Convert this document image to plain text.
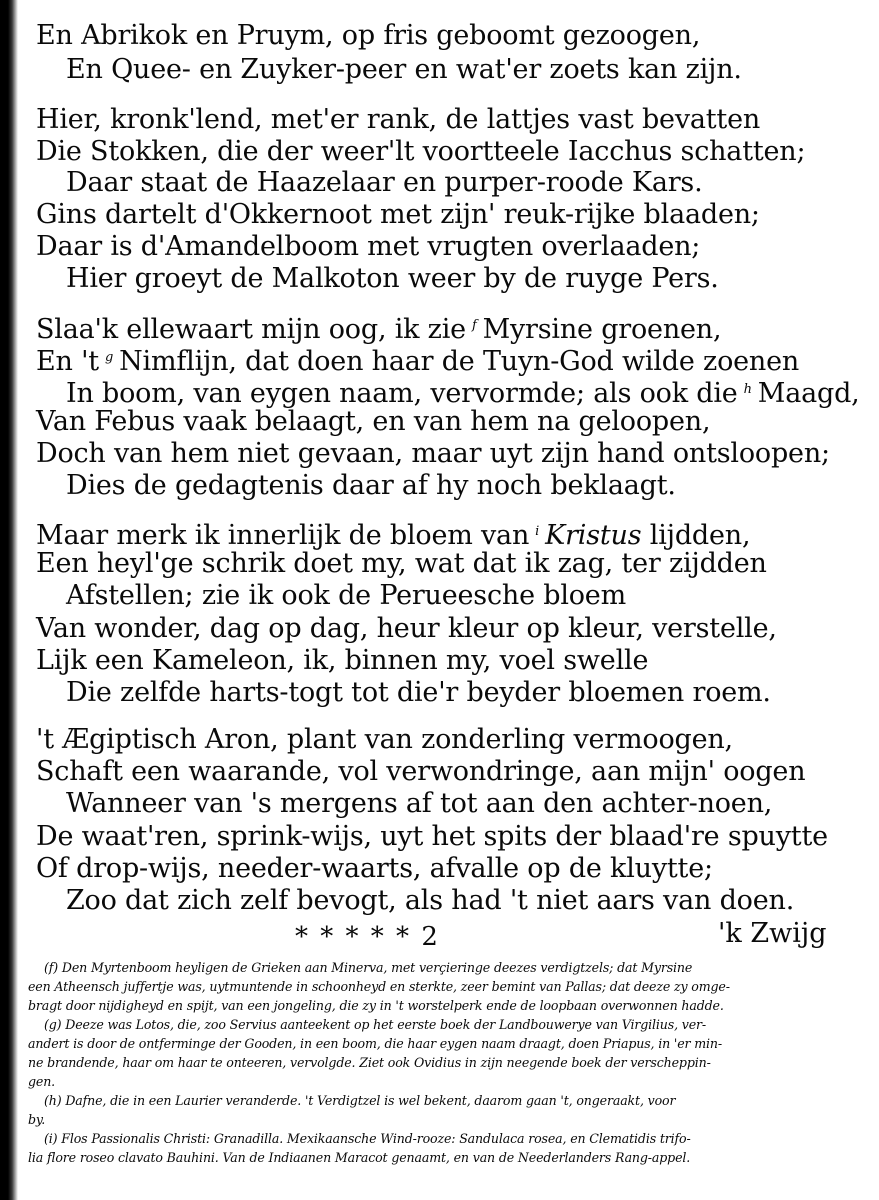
En Abrikok en Pruym, op fris geboomt gezoogen,
En Quee- en Zuyker-peer en wat'er zoets kan zijn.
Hier, kronk'lend, met'er rank, de lattjes vast bevatten
Die Stokken, die der weer'lt voortteele Iacchus schatten;
Daar staat de Haazelaar en purper-roode Kars.
Gins dartelt d'Okkernoot met zijn' reuk-rijke blaaden;
Daar is d'Amandelboom met vrugten overlaaden;
Hier groeyt de Malkoton weer by de ruyge Pers.
Slaa'k ellewaart mijn oog, ik zie $^f$ Myrsine groenen,
En 't $^g$ Nimflijn, dat doen haar de Tuyn-God wilde zoenen
In boom, van eygen naam, vervormde; als ook die $^h$ Maagd,
Van Febus vaak belaagt, en van hem na geloopen,
Doch van hem niet gevaan, maar uyt zijn hand ontsloopen;
Dies de gedagtenis daar af hy noch beklaagt.
Maar merk ik innerlijk de bloem van $^i$ Kristus lijdden,
Een heyl'ge schrik doet my, wat dat ik zag, ter zijdden
Afstellen; zie ik ook de Perueesche bloem
Van wonder, dag op dag, heur kleur op kleur, verstelle,
Lijk een Kameleon, ik, binnen my, voel swelle
Die zelfde harts-togt tot die'r beyder bloemen roem.
't Ægiptisch Aron, plant van zonderling vermoogen,
Schaft een waarande, vol verwondringe, aan mijn' oogen
Wanneer van 's mergens af tot aan den achter-noen,
De waat'ren, sprink-wijs, uyt het spits der blaad're spuytte
Of drop-wijs, needer-waarts, afvalle op de kluytte;
Zoo dat zich zelf bevogt, als had 't niet aars van doen.
* * * * * 2	'k Zwijg
(f) Den Myrtenboom heyligen de Grieken aan Minerva, met verçieringe deezes verdigtzels; dat Myrsine
een Atheensch juffertje was, uytmuntende in schoonheyd en sterkte, zeer bemint van Pallas; dat deeze zy omge-
bragt door nijdigheyd en spijt, van een jongeling, die zy in 't worstelperk ende de loopbaan overwonnen hadde.
(g) Deeze was Lotos, die, zoo Servius aanteekent op het eerste boek der Landbouwerye van Virgilius, ver-
andert is door de ontferminge der Gooden, in een boom, die haar eygen naam draagt, doen Priapus, in 'er min-
ne brandende, haar om haar te onteeren, vervolgde. Ziet ook Ovidius in zijn neegende boek der verscheppin-
gen.
(h) Dafne, die in een Laurier veranderde. 't Verdigtzel is wel bekent, daarom gaan 't, ongeraakt, voor
by.
(i) Flos Passionalis Christi: Granadilla. Mexikaansche Wind-rooze: Sandulaca rosea, en Clematidis trifo-
lia flore roseo clavato Bauhini. Van de Indiaanen Maracot genaamt, en van de Neederlanders Rang-appel.
